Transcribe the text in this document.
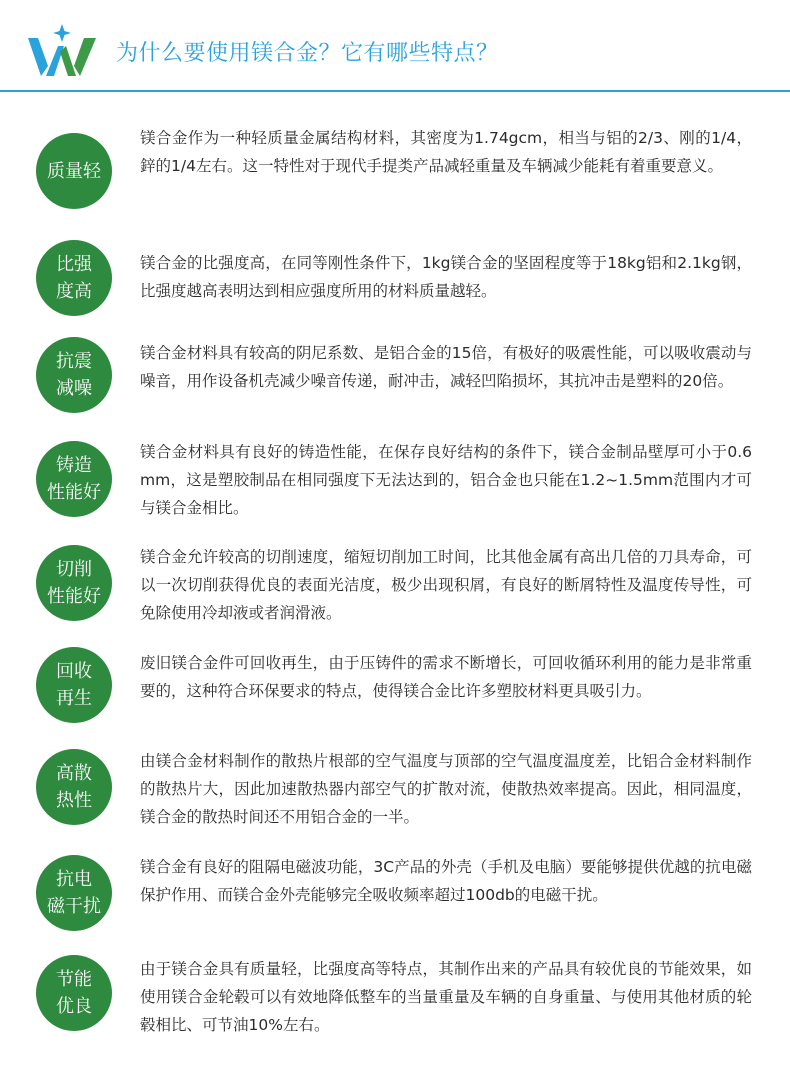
为什么要使用镁合金？它有哪些特点？
质量轻
镁合金作为一种轻质量金属结构材料，其密度为1.74gcm，相当与铝的2/3、刚的1/4，鋅的1/4左右。这一特性对于现代手提类产品减轻重量及车辆减少能耗有着重要意义。
比强
度高
镁合金的比强度高，在同等刚性条件下，1kg镁合金的坚固程度等于18kg铝和2.1kg钢，比强度越高表明达到相应强度所用的材料质量越轻。
抗震
减噪
镁合金材料具有较高的阴尼系数、是铝合金的15倍，有极好的吸震性能，可以吸收震动与噪音，用作设备机壳减少噪音传递，耐冲击，减轻凹陷损坏，其抗冲击是塑料的20倍。
铸造
性能好
镁合金材料具有良好的铸造性能，在保存良好结构的条件下，镁合金制品壁厚可小于0.6mm，这是塑胶制品在相同强度下无法达到的，铝合金也只能在1.2~1.5mm范围内才可与镁合金相比。
切削
性能好
镁合金允许较高的切削速度，缩短切削加工时间，比其他金属有高出几倍的刀具寿命，可以一次切削获得优良的表面光洁度，极少出现积屑，有良好的断屑特性及温度传导性，可免除使用冷却液或者润滑液。
回收
再生
废旧镁合金件可回收再生，由于压铸件的需求不断增长，可回收循环利用的能力是非常重要的，这种符合环保要求的特点，使得镁合金比许多塑胶材料更具吸引力。
高散
热性
由镁合金材料制作的散热片根部的空气温度与顶部的空气温度温度差，比铝合金材料制作的散热片大，因此加速散热器内部空气的扩散对流，使散热效率提高。因此，相同温度，镁合金的散热时间还不用铝合金的一半。
抗电
磁干扰
镁合金有良好的阻隔电磁波功能，3C产品的外壳（手机及电脑）要能够提供优越的抗电磁保护作用、而镁合金外壳能够完全吸收频率超过100db的电磁干扰。
节能
优良
由于镁合金具有质量轻，比强度高等特点，其制作出来的产品具有较优良的节能效果，如使用镁合金轮毂可以有效地降低整车的当量重量及车辆的自身重量、与使用其他材质的轮毂相比、可节油10%左右。
